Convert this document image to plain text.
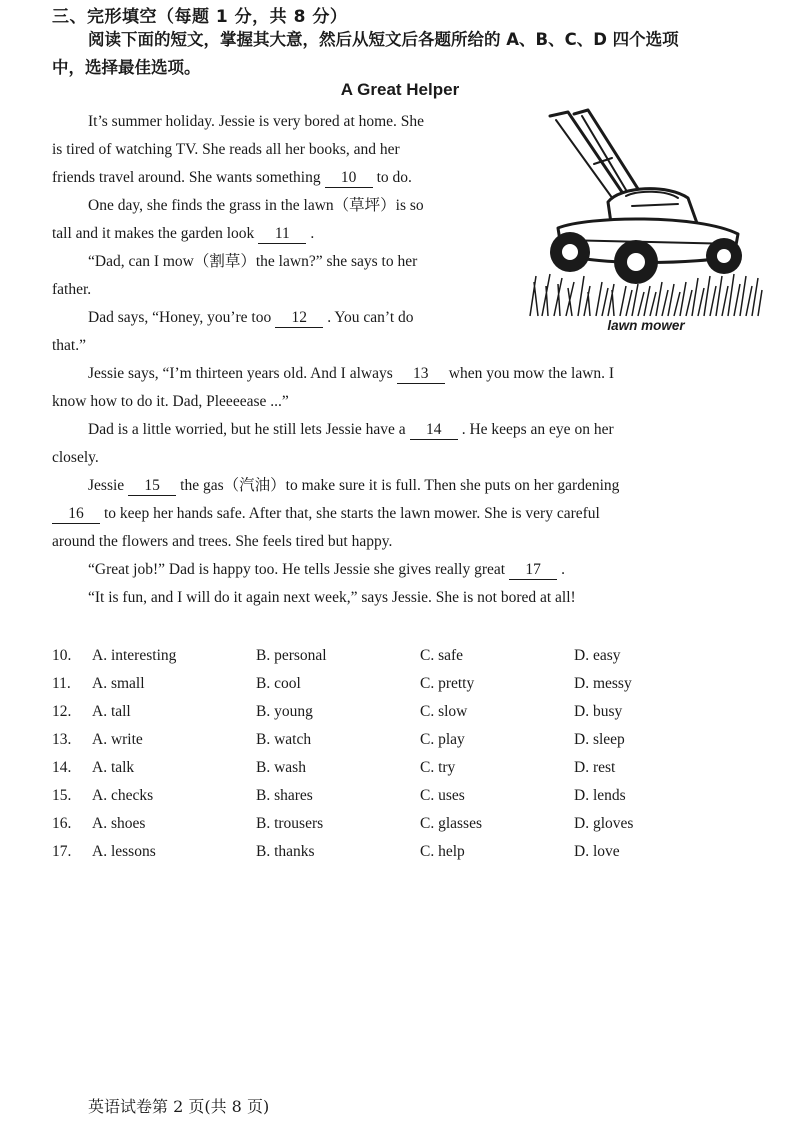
三、完形填空（每题 1 分，共 8 分）
阅读下面的短文，掌握其大意，然后从短文后各题所给的 A、B、C、D 四个选项
中，选择最佳选项。
A Great Helper
It’s summer holiday. Jessie is very bored at home. She
is tired of watching TV. She reads all her books, and her
friends travel around. She wants something 10 to do.
One day, she finds the grass in the lawn（草坪）is so
tall and it makes the garden look 11 .
“Dad, can I mow（割草）the lawn?” she says to her
father.
Dad says, “Honey, you’re too 12 . You can’t do
that.”
lawn mower
Jessie says, “I’m thirteen years old. And I always 13 when you mow the lawn. I
know how to do it. Dad, Pleeeease ...”
Dad is a little worried, but he still lets Jessie have a 14 . He keeps an eye on her
closely.
Jessie 15 the gas（汽油）to make sure it is full. Then she puts on her gardening
16 to keep her hands safe. After that, she starts the lawn mower. She is very careful
around the flowers and trees. She feels tired but happy.
“Great job!” Dad is happy too. He tells Jessie she gives really great 17 .
“It is fun, and I will do it again next week,” says Jessie. She is not bored at all!
10. A. interesting	B. personal	C. safe	D. easy
11. A. small	B. cool	C. pretty	D. messy
12. A. tall	B. young	C. slow	D. busy
13. A. write	B. watch	C. play	D. sleep
14. A. talk	B. wash	C. try	D. rest
15. A. checks	B. shares	C. uses	D. lends
16. A. shoes	B. trousers	C. glasses	D. gloves
17. A. lessons	B. thanks	C. help	D. love
英语试卷第 2 页(共 8 页)
